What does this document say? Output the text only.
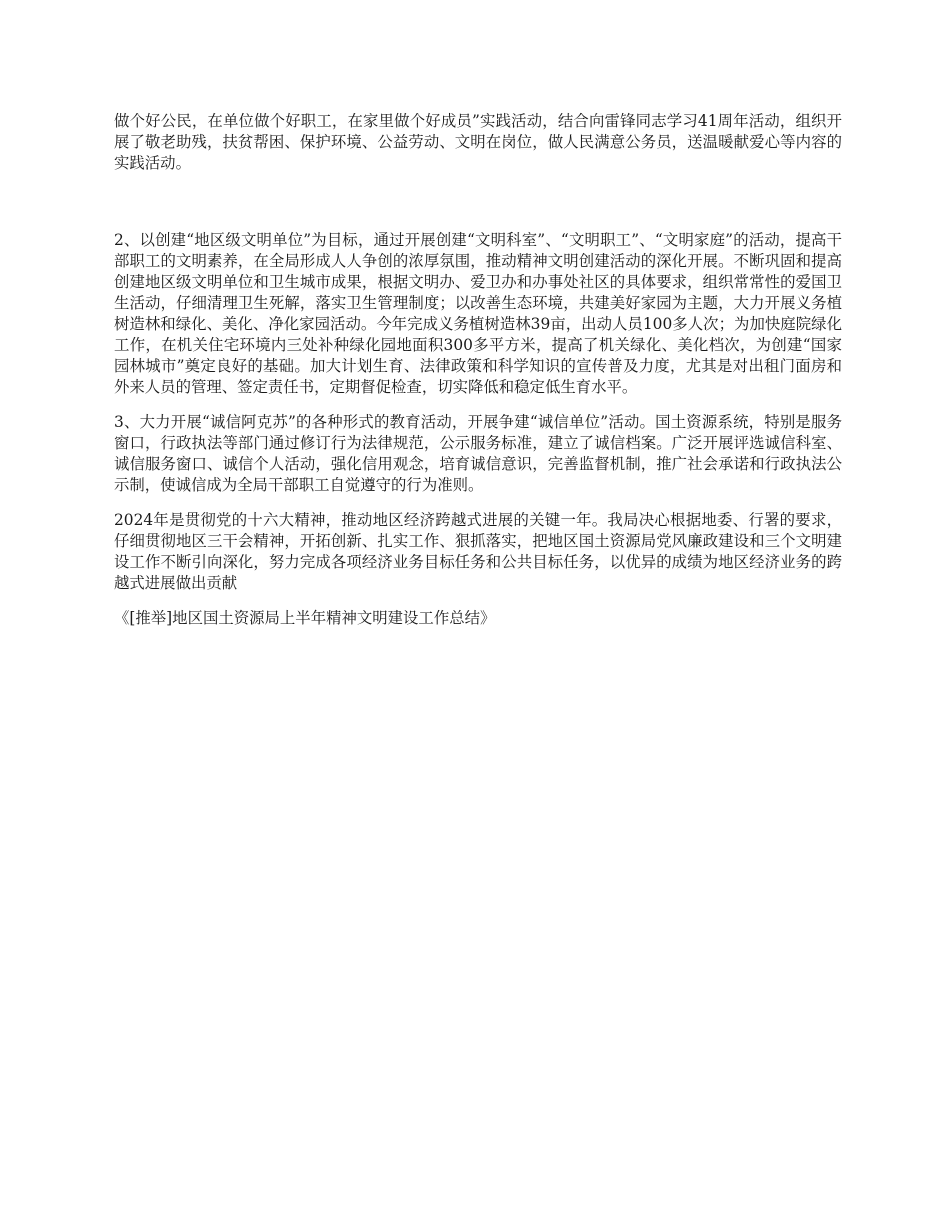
做个好公民，在单位做个好职工，在家里做个好成员”实践活动，结合向雷锋同志学习41周年活动，组织开展了敬老助残，扶贫帮困、保护环境、公益劳动、文明在岗位，做人民满意公务员，送温暖献爱心等内容的实践活动。

2、以创建“地区级文明单位”为目标，通过开展创建“文明科室”、“文明职工”、“文明家庭”的活动，提高干部职工的文明素养，在全局形成人人争创的浓厚氛围，推动精神文明创建活动的深化开展。不断巩固和提高创建地区级文明单位和卫生城市成果，根据文明办、爱卫办和办事处社区的具体要求，组织常常性的爱国卫生活动，仔细清理卫生死解，落实卫生管理制度；以改善生态环境，共建美好家园为主题，大力开展义务植树造林和绿化、美化、净化家园活动。今年完成义务植树造林39亩，出动人员100多人次；为加快庭院绿化工作，在机关住宅环境内三处补种绿化园地面积300多平方米，提高了机关绿化、美化档次，为创建“国家园林城市”奠定良好的基础。加大计划生育、法律政策和科学知识的宣传普及力度，尤其是对出租门面房和外来人员的管理、签定责任书，定期督促检查，切实降低和稳定低生育水平。

3、大力开展“诚信阿克苏”的各种形式的教育活动，开展争建“诚信单位”活动。国土资源系统，特别是服务窗口，行政执法等部门通过修订行为法律规范，公示服务标准，建立了诚信档案。广泛开展评选诚信科室、诚信服务窗口、诚信个人活动，强化信用观念，培育诚信意识，完善监督机制，推广社会承诺和行政执法公示制，使诚信成为全局干部职工自觉遵守的行为准则。

2024年是贯彻党的十六大精神，推动地区经济跨越式进展的关键一年。我局决心根据地委、行署的要求，仔细贯彻地区三干会精神，开拓创新、扎实工作、狠抓落实，把地区国土资源局党风廉政建设和三个文明建设工作不断引向深化，努力完成各项经济业务目标任务和公共目标任务，以优异的成绩为地区经济业务的跨越式进展做出贡献

《[推举]地区国土资源局上半年精神文明建设工作总结》
